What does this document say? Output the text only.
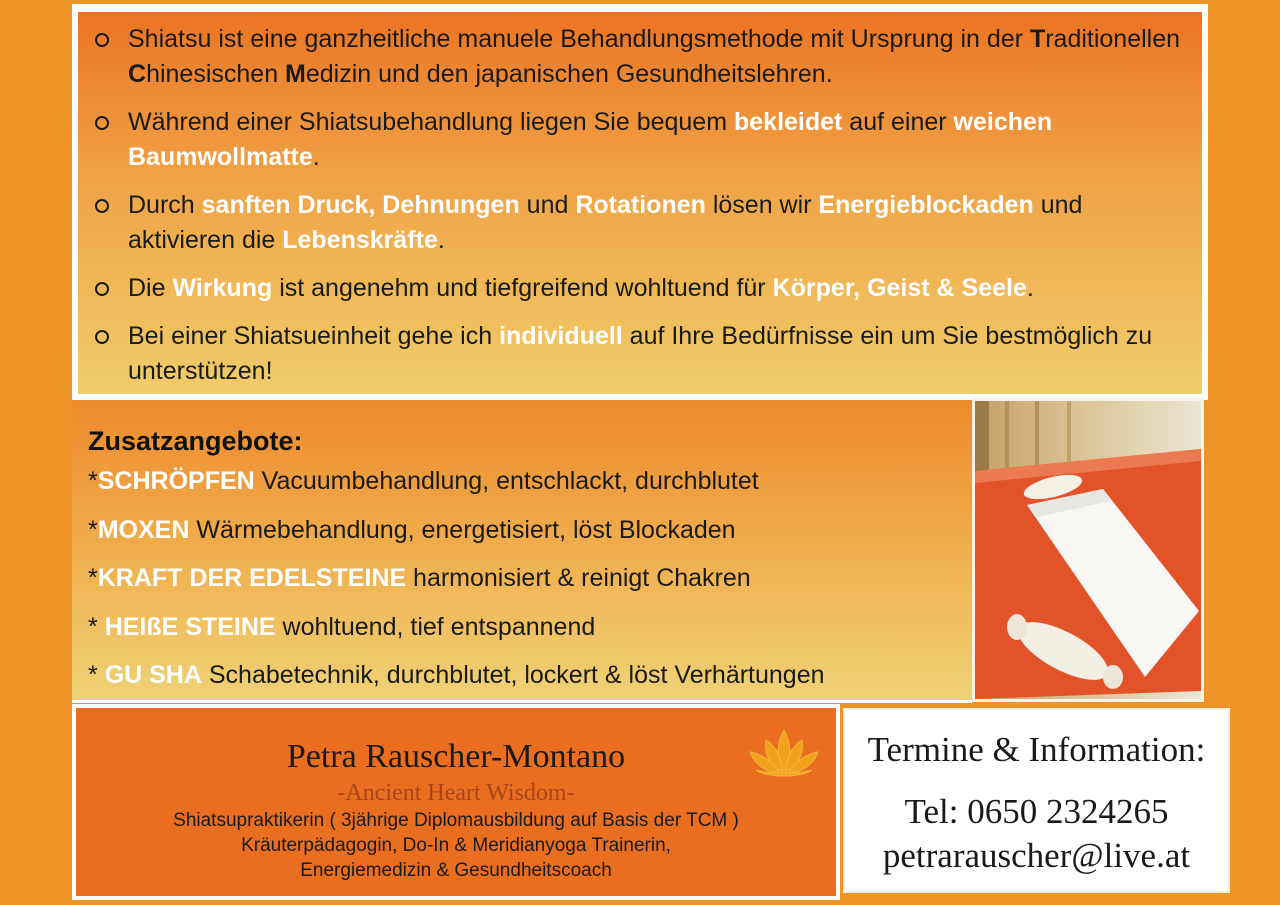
Shiatsu ist eine ganzheitliche manuele Behandlungsmethode mit Ursprung in der Traditionellen Chinesischen Medizin und den japanischen Gesundheitslehren.
Während einer Shiatsubehandlung liegen Sie bequem bekleidet auf einer weichen Baumwollmatte.
Durch sanften Druck, Dehnungen und Rotationen lösen wir Energieblockaden und aktivieren die Lebenskräfte.
Die Wirkung ist angenehm und tiefgreifend wohltuend für Körper, Geist & Seele.
Bei einer Shiatsueinheit gehe ich individuell auf Ihre Bedürfnisse ein um Sie bestmöglich zu unterstützen!
Zusatzangebote:
*SCHRÖPFEN Vacuumbehandlung, entschlackt, durchblutet
*MOXEN Wärmebehandlung, energetisiert, löst Blockaden
*KRAFT DER EDELSTEINE harmonisiert & reinigt Chakren
* HEIßE STEINE wohltuend, tief entspannend
* GU SHA Schabetechnik, durchblutet, lockert & löst Verhärtungen
Petra Rauscher-Montano
-Ancient Heart Wisdom-
Shiatsupraktikerin ( 3jährige Diplomausbildung auf Basis der TCM )
Kräuterpädagogin, Do-In & Meridianyoga Trainerin,
Energiemedizin & Gesundheitscoach
Termine & Information:
Tel: 0650 2324265
petrarauscher@live.at
